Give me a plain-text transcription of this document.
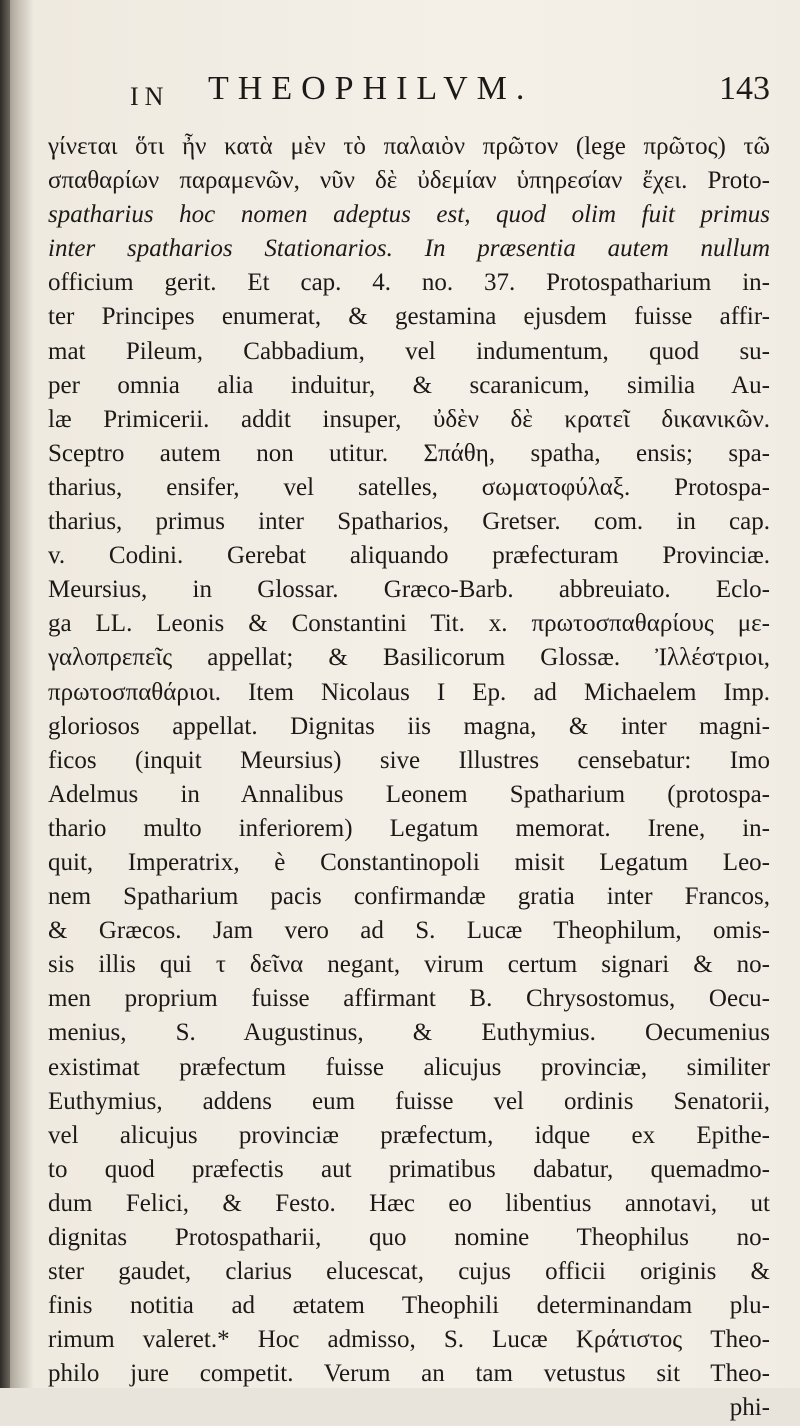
IN THEOPHILVM.	143
γίνεται ὅτι ἦν κατὰ μὲν τὸ παλαιὸν πρῶτον (lege πρῶτος) τῶ
σπαθαρίων παραμενῶν, νῦν δὲ ὐδεμίαν ὑπηρεσίαν ἔχει. Proto-
spatharius hoc nomen adeptus est, quod olim fuit primus
inter spatharios Stationarios. In præsentia autem nullum
officium gerit. Et cap. 4. no. 37. Protospatharium in-
ter Principes enumerat, & gestamina ejusdem fuisse affir-
mat Pileum, Cabbadium, vel indumentum, quod su-
per omnia alia induitur, & scaranicum, similia Au-
læ Primicerii. addit insuper, ὐδὲν δὲ κρατεῖ δικανικῶν.
Sceptro autem non utitur. Σπάθη, spatha, ensis; spa-
tharius, ensifer, vel satelles, σωματοφύλαξ. Protospa-
tharius, primus inter Spatharios, Gretser. com. in cap.
v. Codini. Gerebat aliquando præfecturam Provinciæ.
Meursius, in Glossar. Græco-Barb. abbreuiato. Eclo-
ga LL. Leonis & Constantini Tit. x. πρωτοσπαθαρίους με-
γαλοπρεπεῖς appellat; & Basilicorum Glossæ. Ἰλλέστριοι,
πρωτοσπαθάριοι. Item Nicolaus I Ep. ad Michaelem Imp.
gloriosos appellat. Dignitas iis magna, & inter magni-
ficos (inquit Meursius) sive Illustres censebatur: Imo
Adelmus in Annalibus Leonem Spatharium (protospa-
thario multo inferiorem) Legatum memorat. Irene, in-
quit, Imperatrix, è Constantinopoli misit Legatum Leo-
nem Spatharium pacis confirmandæ gratia inter Francos,
& Græcos. Jam vero ad S. Lucæ Theophilum, omis-
sis illis qui τ δεῖνα negant, virum certum signari & no-
men proprium fuisse affirmant B. Chrysostomus, Oecu-
menius, S. Augustinus, & Euthymius. Oecumenius
existimat præfectum fuisse alicujus provinciæ, similiter
Euthymius, addens eum fuisse vel ordinis Senatorii,
vel alicujus provinciæ præfectum, idque ex Epithe-
to quod præfectis aut primatibus dabatur, quemadmo-
dum Felici, & Festo. Hæc eo libentius annotavi, ut
dignitas Protospatharii, quo nomine Theophilus no-
ster gaudet, clarius elucescat, cujus officii originis &
finis notitia ad ætatem Theophili determinandam plu-
rimum valeret.* Hoc admisso, S. Lucæ Κράτιστος Theo-
philo jure competit. Verum an tam vetustus sit Theo-
phi-
